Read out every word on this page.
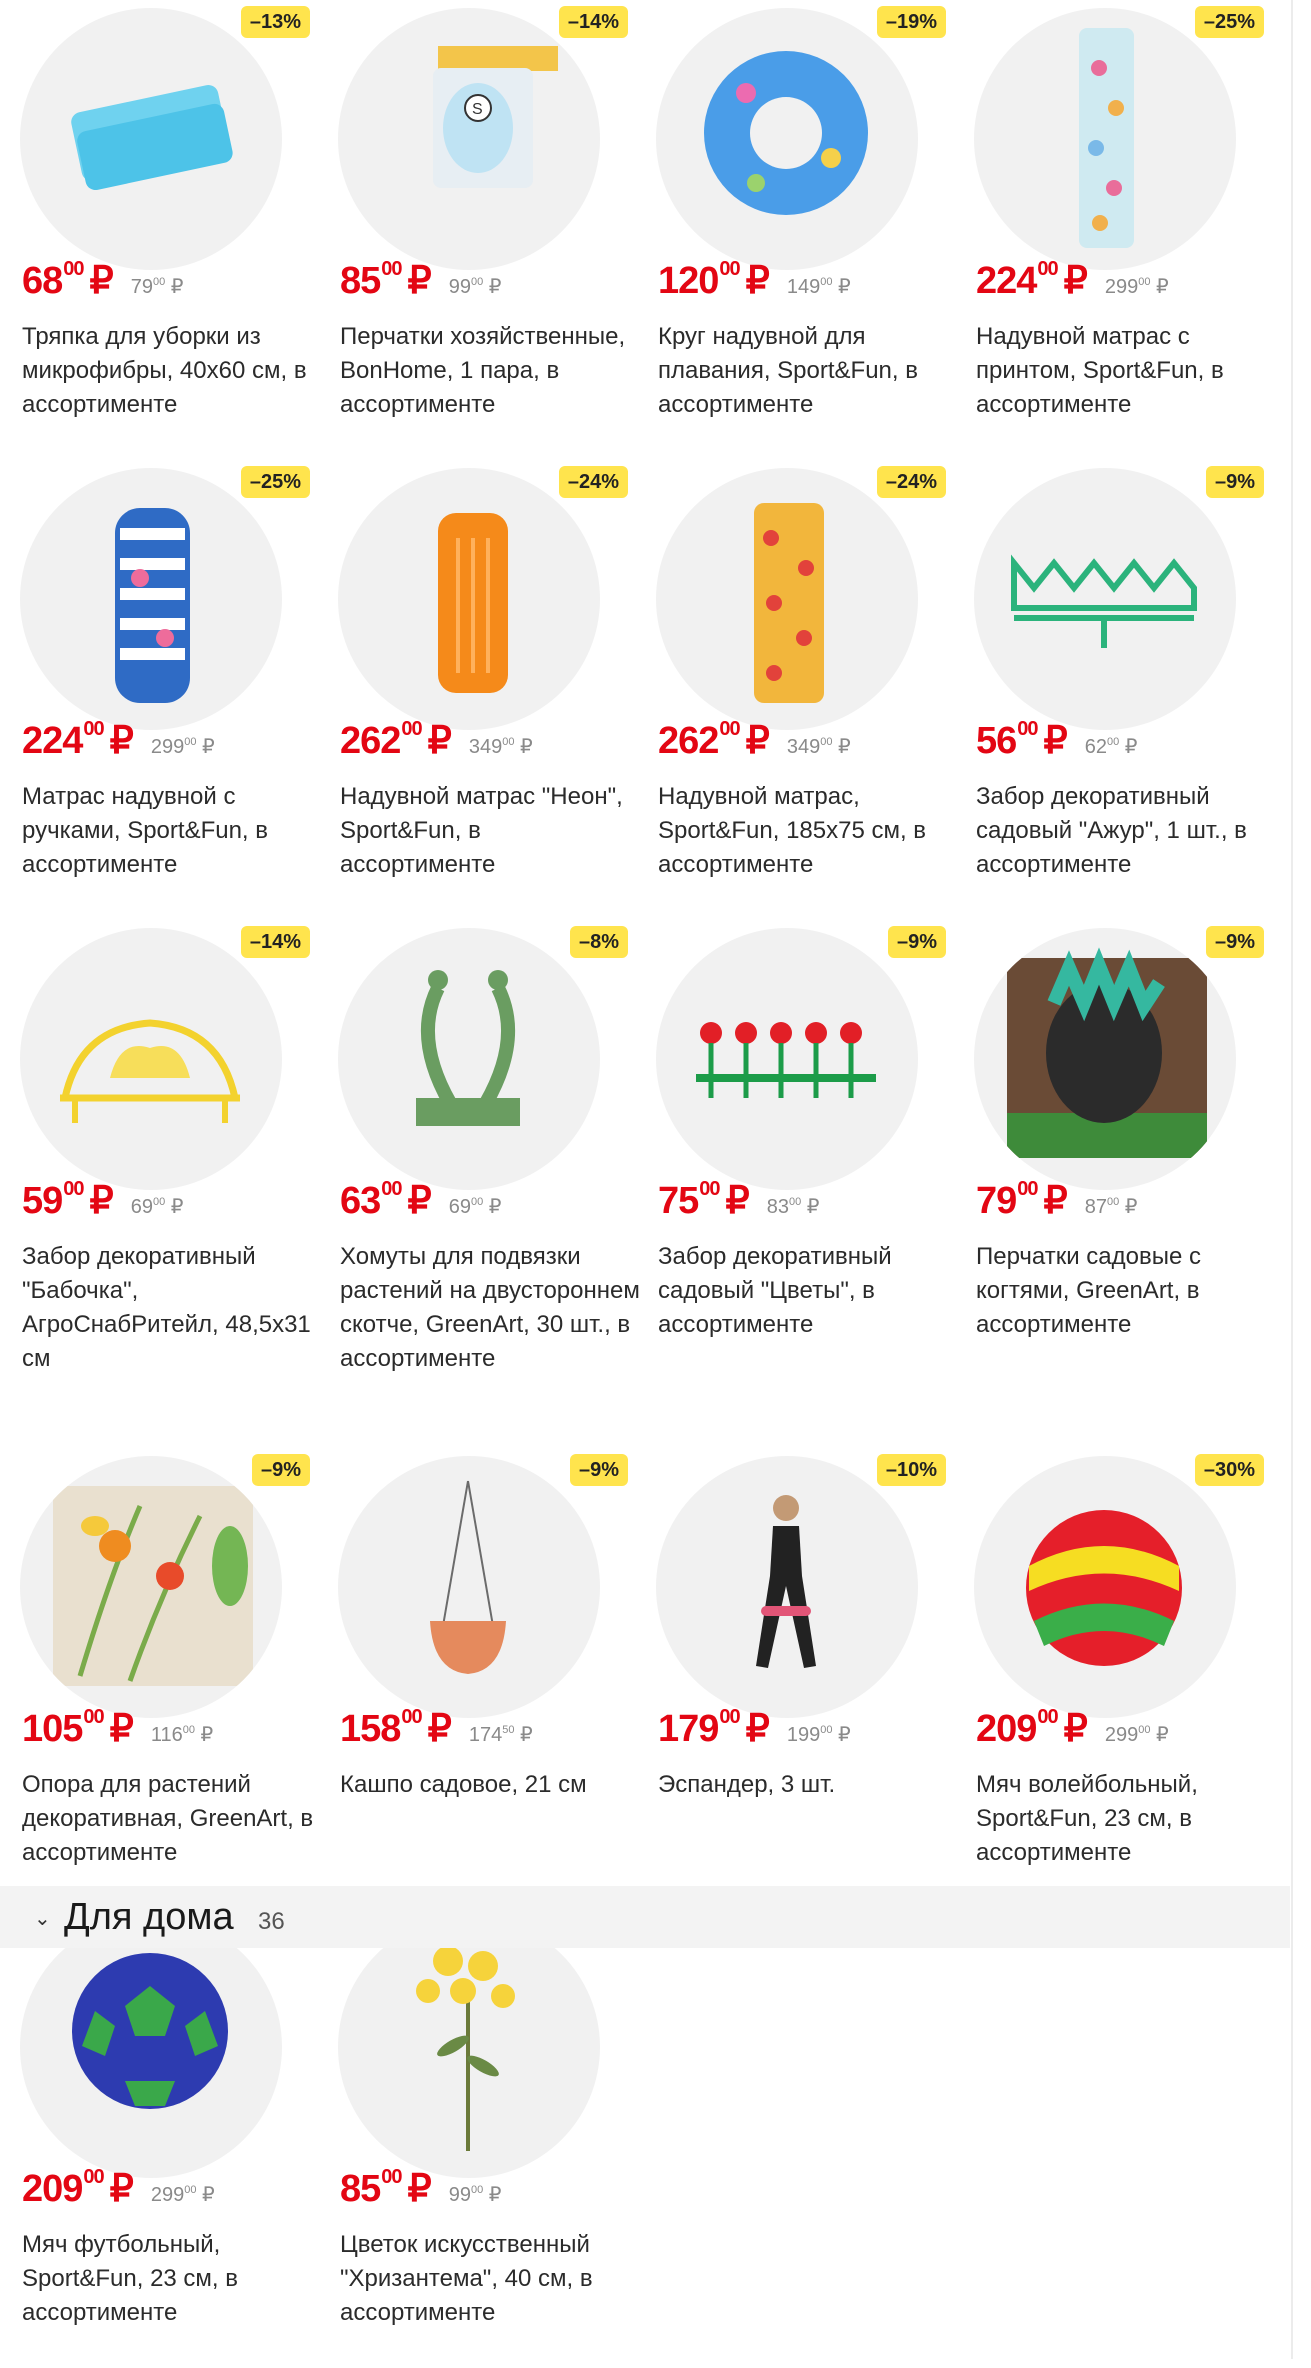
–13%
$68^{00}$ ₽ $79^{00}$ ₽
Тряпка для уборки из микрофибры, 40х60 см, в ассортименте
S
–14%
$85^{00}$ ₽ $99^{00}$ ₽
Перчатки хозяйственные, BonHome, 1 пара, в ассортименте
–19%
$120^{00}$ ₽ $149^{00}$ ₽
Круг надувной для плавания, Sport&Fun, в ассортименте
–25%
$224^{00}$ ₽ $299^{00}$ ₽
Надувной матрас с принтом, Sport&Fun, в ассортименте
–25%
$224^{00}$ ₽ $299^{00}$ ₽
Матрас надувной с ручками, Sport&Fun, в ассортименте
–24%
$262^{00}$ ₽ $349^{00}$ ₽
Надувной матрас "Неон", Sport&Fun, в ассортименте
–24%
$262^{00}$ ₽ $349^{00}$ ₽
Надувной матрас, Sport&Fun, 185х75 см, в ассортименте
–9%
$56^{00}$ ₽ $62^{00}$ ₽
Забор декоративный садовый "Ажур", 1 шт., в ассортименте
–14%
$59^{00}$ ₽ $69^{00}$ ₽
Забор декоративный "Бабочка", АгроСнабРитейл, 48,5х31 см
–8%
$63^{00}$ ₽ $69^{00}$ ₽
Хомуты для подвязки растений на двустороннем скотче, GreenArt, 30 шт., в ассортименте
–9%
$75^{00}$ ₽ $83^{00}$ ₽
Забор декоративный садовый "Цветы", в ассортименте
–9%
$79^{00}$ ₽ $87^{00}$ ₽
Перчатки садовые с когтями, GreenArt, в ассортименте
–9%
$105^{00}$ ₽ $116^{00}$ ₽
Опора для растений декоративная, GreenArt, в ассортименте
–9%
$158^{00}$ ₽ $174^{50}$ ₽
Кашпо садовое, 21 см
–10%
$179^{00}$ ₽ $199^{00}$ ₽
Эспандер, 3 шт.
–30%
$209^{00}$ ₽ $299^{00}$ ₽
Мяч волейбольный, Sport&Fun, 23 см, в ассортименте
$209^{00}$ ₽ $299^{00}$ ₽
Мяч футбольный, Sport&Fun, 23 см, в ассортименте
$85^{00}$ ₽ $99^{00}$ ₽
Цветок искусственный "Хризантема", 40 см, в ассортименте
⌄ Для дома 36
